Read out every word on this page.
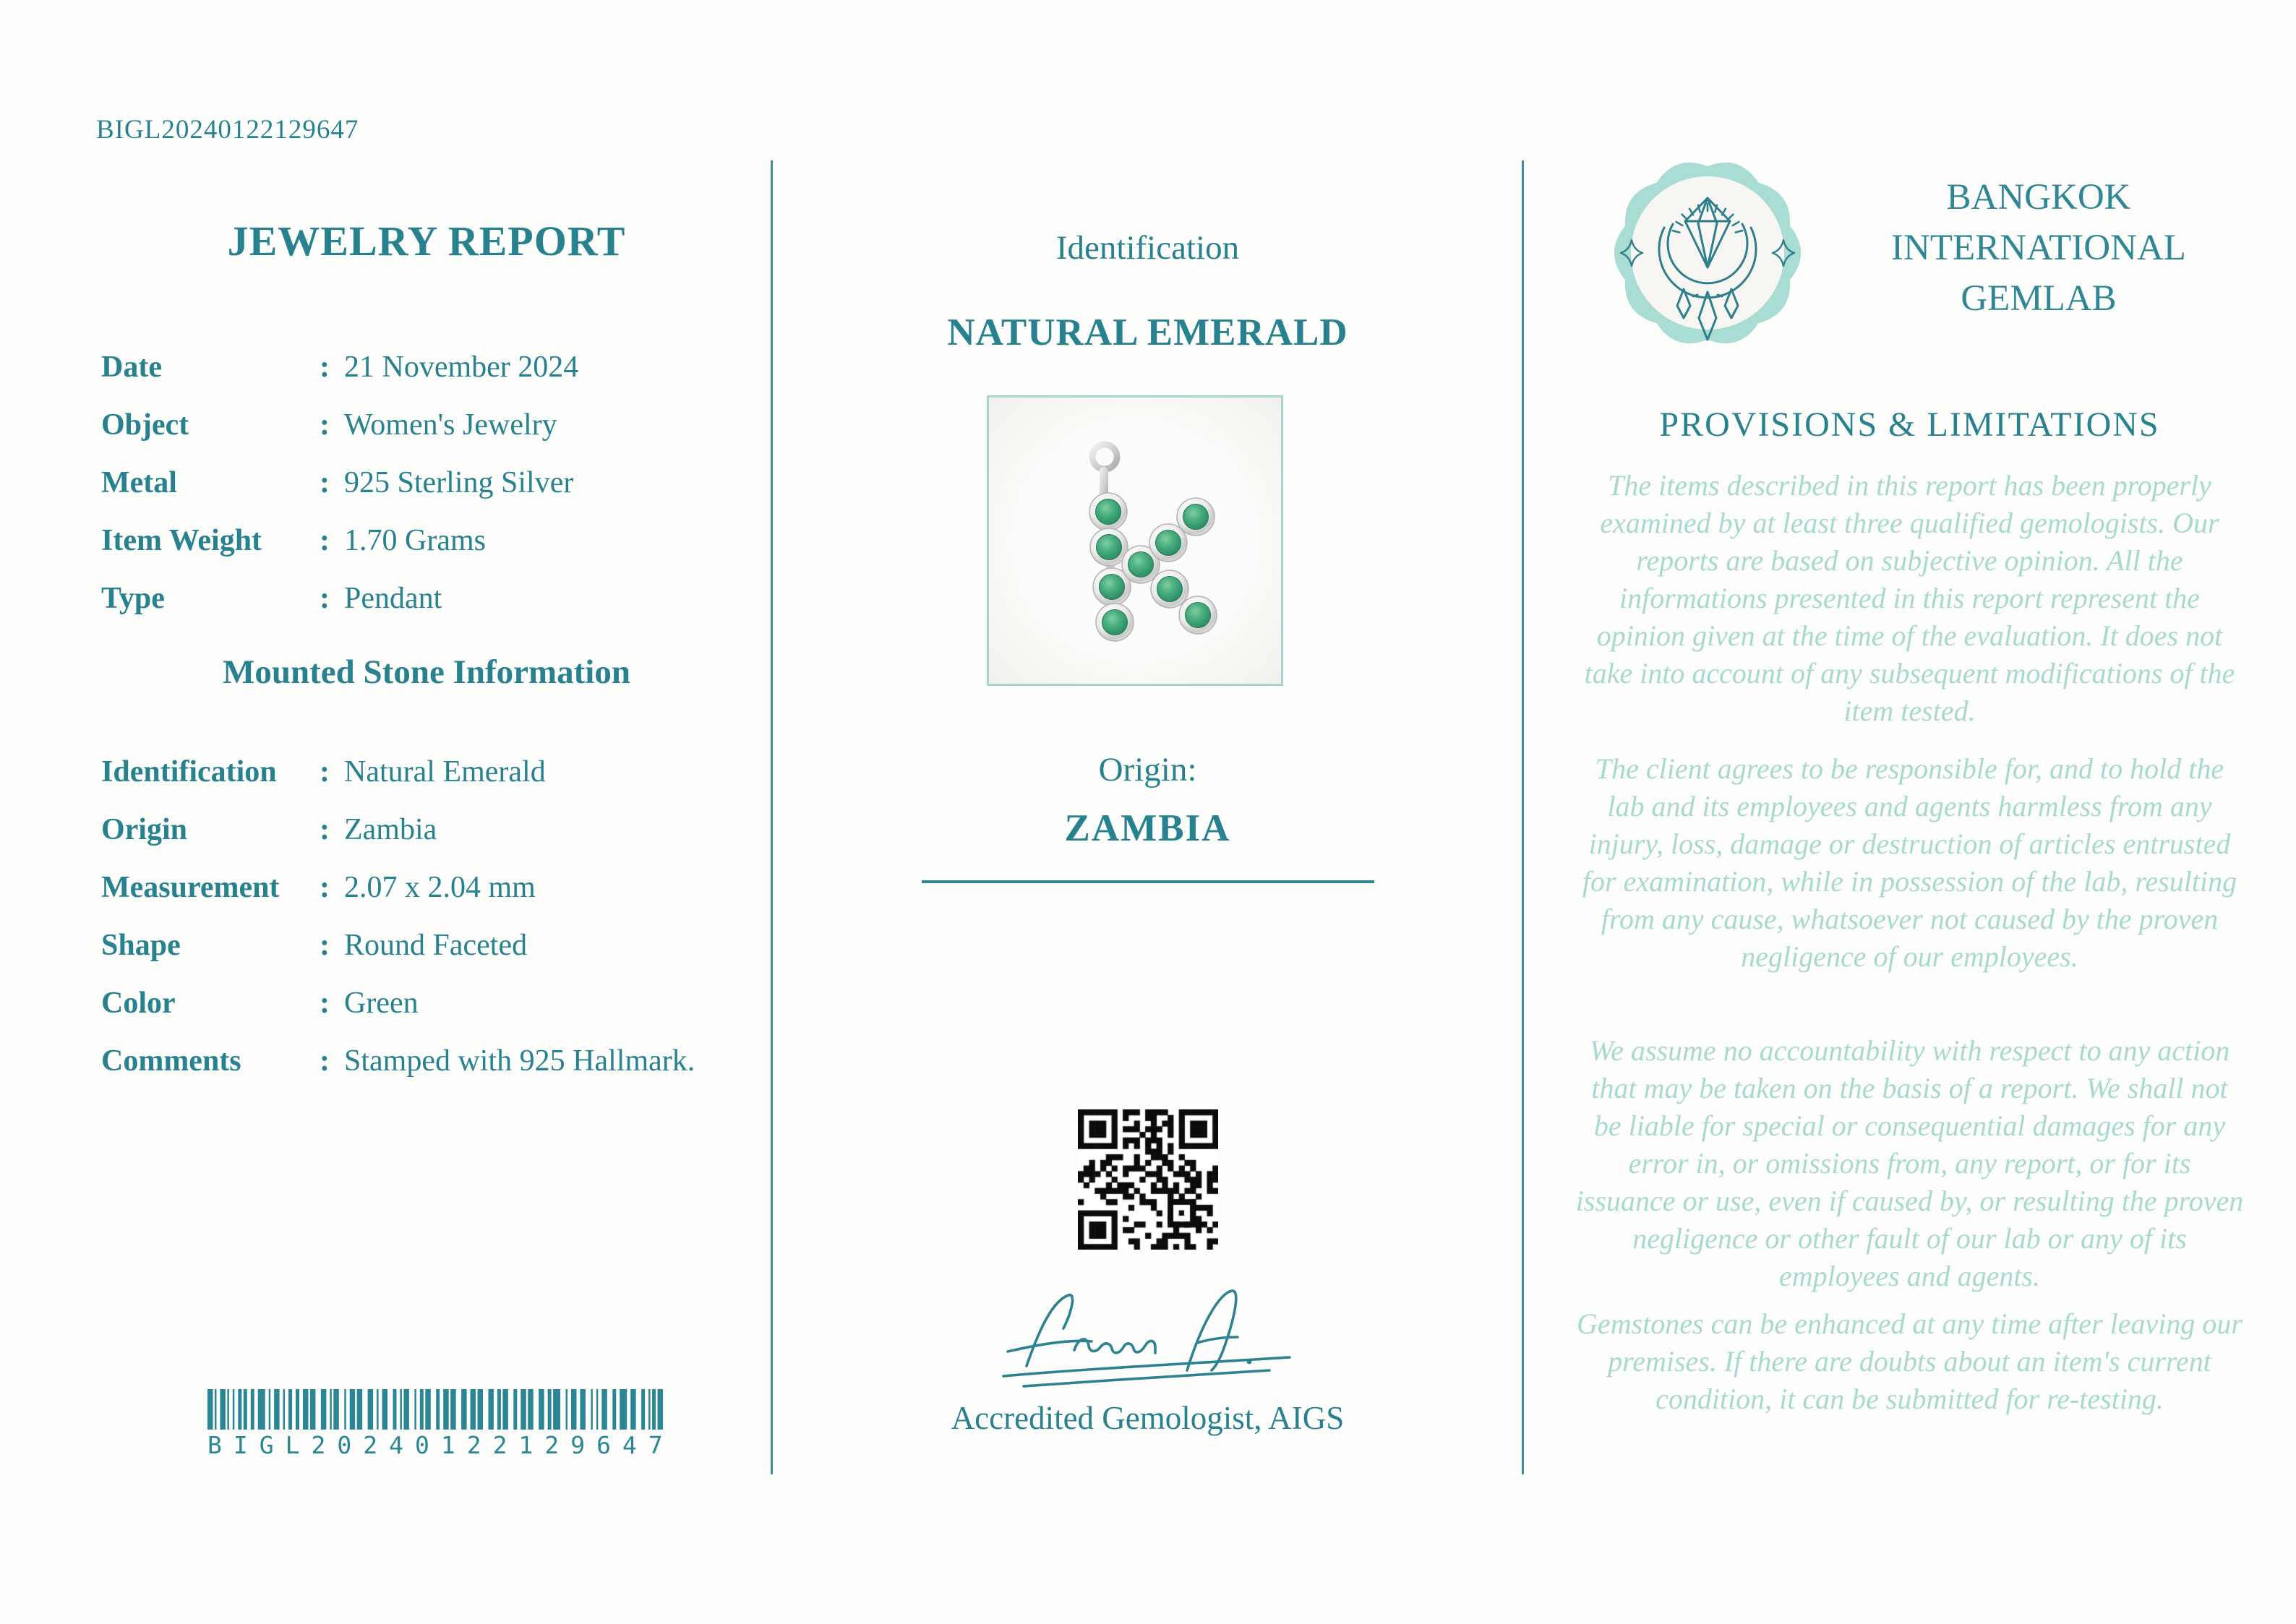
BIGL20240122129647
JEWELRY REPORT
Date	: 21 November 2024
Object	: Women's Jewelry
Metal	: 925 Sterling Silver
Item Weight	: 1.70 Grams
Type	: Pendant
Mounted Stone Information
Identification	: Natural Emerald
Origin	: Zambia
Measurement	: 2.07 x 2.04 mm
Shape	: Round Faceted
Color	: Green
Comments	: Stamped with 925 Hallmark.
B I G L 2 0 2 4 0 1 2 2 1 2 9 6 4 7
Identification
NATURAL EMERALD
Origin:
ZAMBIA
Accredited Gemologist, AIGS
BANGKOK
INTERNATIONAL
GEMLAB
PROVISIONS & LIMITATIONS
The items described in this report has been properly examined by at least three qualified gemologists. Our reports are based on subjective opinion. All the informations presented in this report represent the opinion given at the time of the evaluation. It does not take into account of any subsequent modifications of the item tested.
The client agrees to be responsible for, and to hold the lab and its employees and agents harmless from any injury, loss, damage or destruction of articles entrusted for examination, while in possession of the lab, resulting from any cause, whatsoever not caused by the proven negligence of our employees.
We assume no accountability with respect to any action that may be taken on the basis of a report. We shall not be liable for special or consequential damages for any error in, or omissions from, any report, or for its issuance or use, even if caused by, or resulting the proven negligence or other fault of our lab or any of its employees and agents.
Gemstones can be enhanced at any time after leaving our premises. If there are doubts about an item's current condition, it can be submitted for re-testing.
